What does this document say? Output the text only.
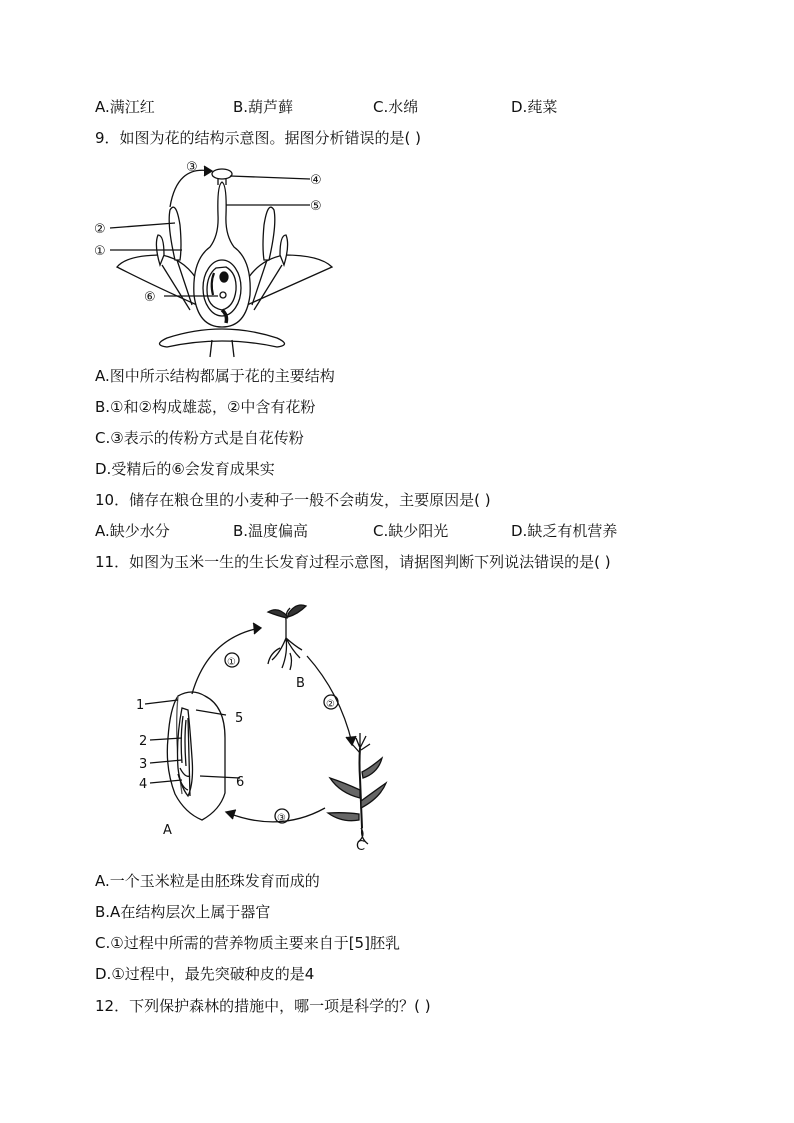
A.满江红	B.葫芦藓	C.水绵	D.莼菜
9．如图为花的结构示意图。据图分析错误的是( )
③
④
⑤
②
①
⑥
A.图中所示结构都属于花的主要结构
B.①和②构成雄蕊，②中含有花粉
C.③表示的传粉方式是自花传粉
D.受精后的⑥会发育成果实
10．储存在粮仓里的小麦种子一般不会萌发，主要原因是( )
A.缺少水分	B.温度偏高	C.缺少阳光	D.缺乏有机营养
11．如图为玉米一生的生长发育过程示意图，请据图判断下列说法错误的是( )
1
2
3
4
5
6
A
B
C
①
②
③
A.一个玉米粒是由胚珠发育而成的
B.A在结构层次上属于器官
C.①过程中所需的营养物质主要来自于[5]胚乳
D.①过程中，最先突破种皮的是4
12．下列保护森林的措施中，哪一项是科学的？( )
